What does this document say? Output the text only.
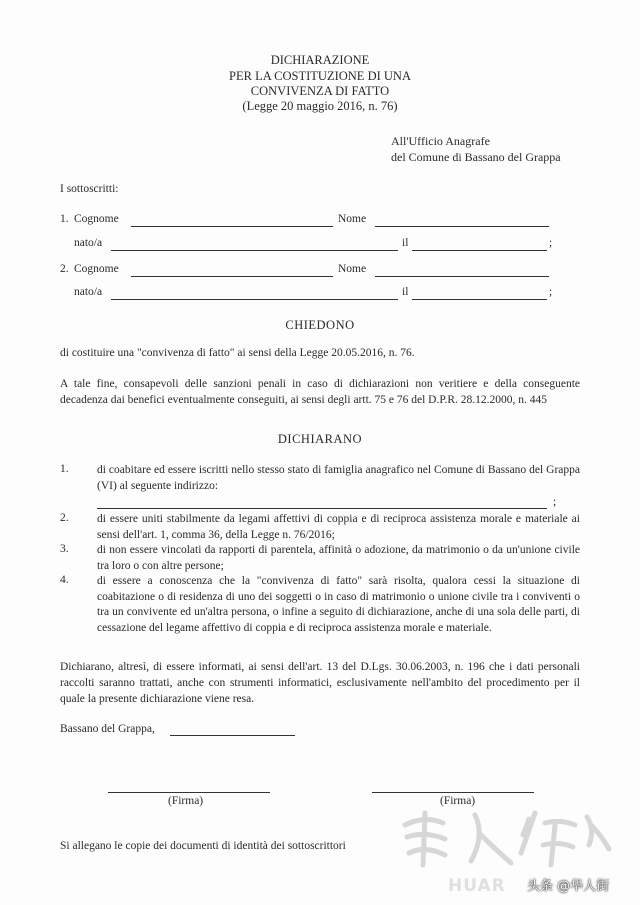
DICHIARAZIONE
PER LA COSTITUZIONE DI UNA
CONVIVENZA DI FATTO
(Legge 20 maggio 2016, n. 76)
All'Ufficio Anagrafe
del Comune di Bassano del Grappa
I sottoscritti:
1. Cognome	Nome
nato/a	il	;
2. Cognome	Nome
nato/a	il	;
CHIEDONO
di costituire una "convivenza di fatto" ai sensi della Legge 20.05.2016, n. 76.
A tale fine, consapevoli delle sanzioni penali in caso di dichiarazioni non veritiere e della conseguente decadenza dai benefici eventualmente conseguiti, ai sensi degli artt. 75 e 76 del D.P.R. 28.12.2000, n. 445
DICHIARANO
1. di coabitare ed essere iscritti nello stesso stato di famiglia anagrafico nel Comune di Bassano del Grappa (VI) al seguente indirizzo:
;
2. di essere uniti stabilmente da legami affettivi di coppia e di reciproca assistenza morale e materiale ai sensi dell'art. 1, comma 36, della Legge n. 76/2016;
3. di non essere vincolati da rapporti di parentela, affinità o adozione, da matrimonio o da un'unione civile tra loro o con altre persone;
4. di essere a conoscenza che la "convivenza di fatto" sarà risolta, qualora cessi la situazione di coabitazione o di residenza di uno dei soggetti o in caso di matrimonio o unione civile tra i conviventi o tra un convivente ed un'altra persona, o infine a seguito di dichiarazione, anche di una sola delle parti, di cessazione del legame affettivo di coppia e di reciproca assistenza morale e materiale.
Dichiarano, altresì, di essere informati, ai sensi dell'art. 13 del D.Lgs. 30.06.2003, n. 196 che i dati personali raccolti saranno trattati, anche con strumenti informatici, esclusivamente nell'ambito del procedimento per il quale la presente dichiarazione viene resa.
Bassano del Grappa,
(Firma)	(Firma)
Si allegano le copie dei documenti di identità dei sottoscrittori
HUAR 头条 @华人街
